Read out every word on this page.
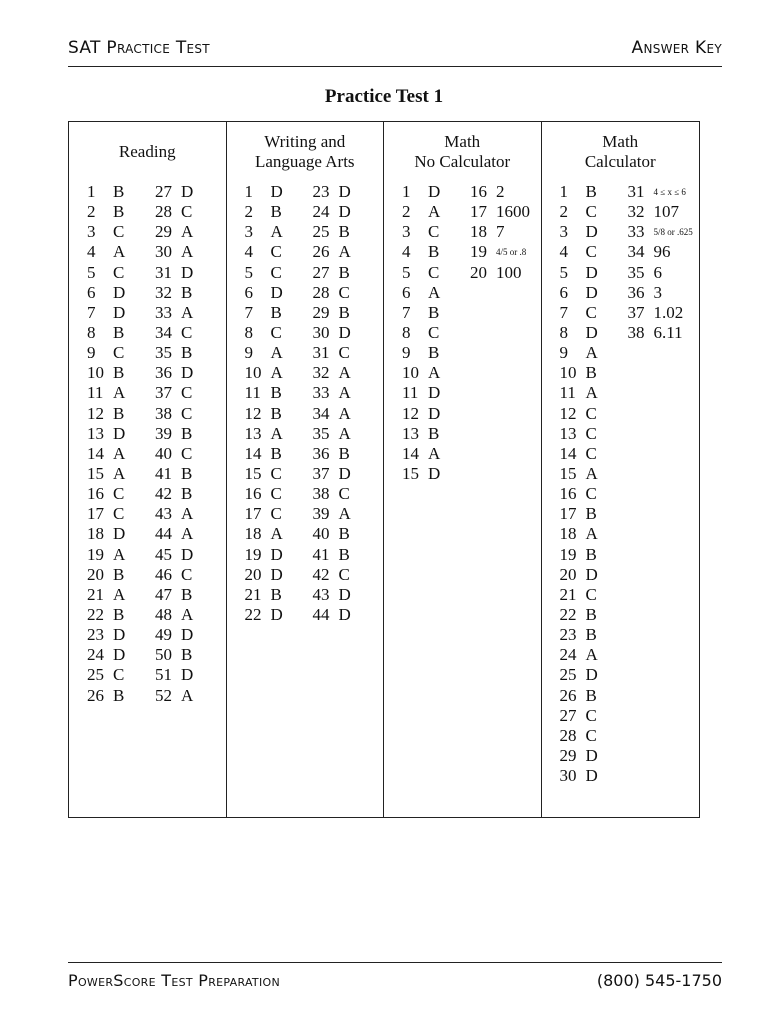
SAT Practice Test	Answer Key
Practice Test 1
Reading
1	B
2	B
3	C
4	A
5	C
6	D
7	D
8	B
9	C
10 B
11 A
12 B
13 D
14 A
15 A
16 C
17 C
18 D
19 A
20 B
21 A
22 B
23 D
24 D
25 C
26 B
27 D
28 C
29 A
30 A
31 D
32 B
33 A
34 C
35 B
36 D
37 C
38 C
39 B
40 C
41 B
42 B
43 A
44 A
45 D
46 C
47 B
48 A
49 D
50 B
51 D
52 A
Writing and
Language Arts
1	D
2	B
3	A
4	C
5	C
6	D
7	B
8	C
9	A
10 A
11 B
12 B
13 A
14 B
15 C
16 C
17 C
18 A
19 D
20 D
21 B
22 D
23 D
24 D
25 B
26 A
27 B
28 C
29 B
30 D
31 C
32 A
33 A
34 A
35 A
36 B
37 D
38 C
39 A
40 B
41 B
42 C
43 D
44 D
Math
No Calculator
1	D
2	A
3	C
4	B
5	C
6	A
7	B
8	C
9	B
10 A
11 D
12 D
13 B
14 A
15 D
16 2
17 1600
18 7
19	4/5 or .8
20 100
Math
Calculator
1	B
2	C
3	D
4	C
5	D
6	D
7	C
8	D
9	A
10 B
11 A
12 C
13 C
14 C
15 A
16 C
17 B
18 A
19 B
20 D
21 C
22 B
23 B
24 A
25 D
26 B
27 C
28 C
29 D
30 D
31	4 ≤ x ≤ 6
32 107
33	5/8 or .625
34 96
35 6
36 3
37 1.02
38 6.11
PowerScore Test Preparation	(800) 545-1750
